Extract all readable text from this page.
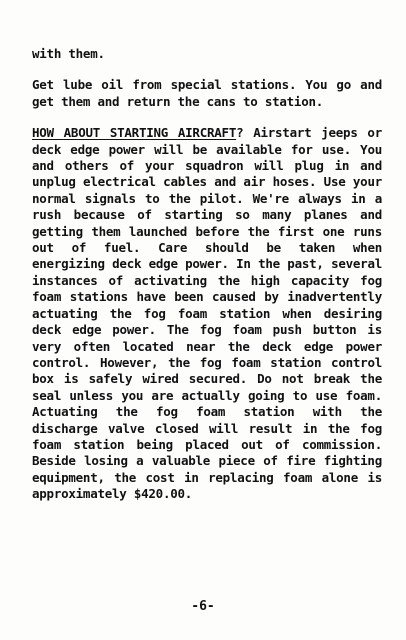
with them.

Get lube oil from special stations. You go and get them and return the cans to station.

HOW ABOUT STARTING AIRCRAFT? Airstart jeeps or deck edge power will be available for use. You and others of your squadron will plug in and unplug electrical cables and air hoses. Use your normal signals to the pilot. We're always in a rush because of starting so many planes and getting them launched before the first one runs out of fuel. Care should be taken when energizing deck edge power. In the past, several instances of activating the high capacity fog foam stations have been caused by inadvertently actuating the fog foam station when desiring deck edge power. The fog foam push button is very often located near the deck edge power control. However, the fog foam station control box is safely wired secured. Do not break the seal unless you are actually going to use foam. Actuating the fog foam station with the discharge valve closed will result in the fog foam station being placed out of commission. Beside losing a valuable piece of fire fighting equipment, the cost in replacing foam alone is approximately $420.00.

-6-
